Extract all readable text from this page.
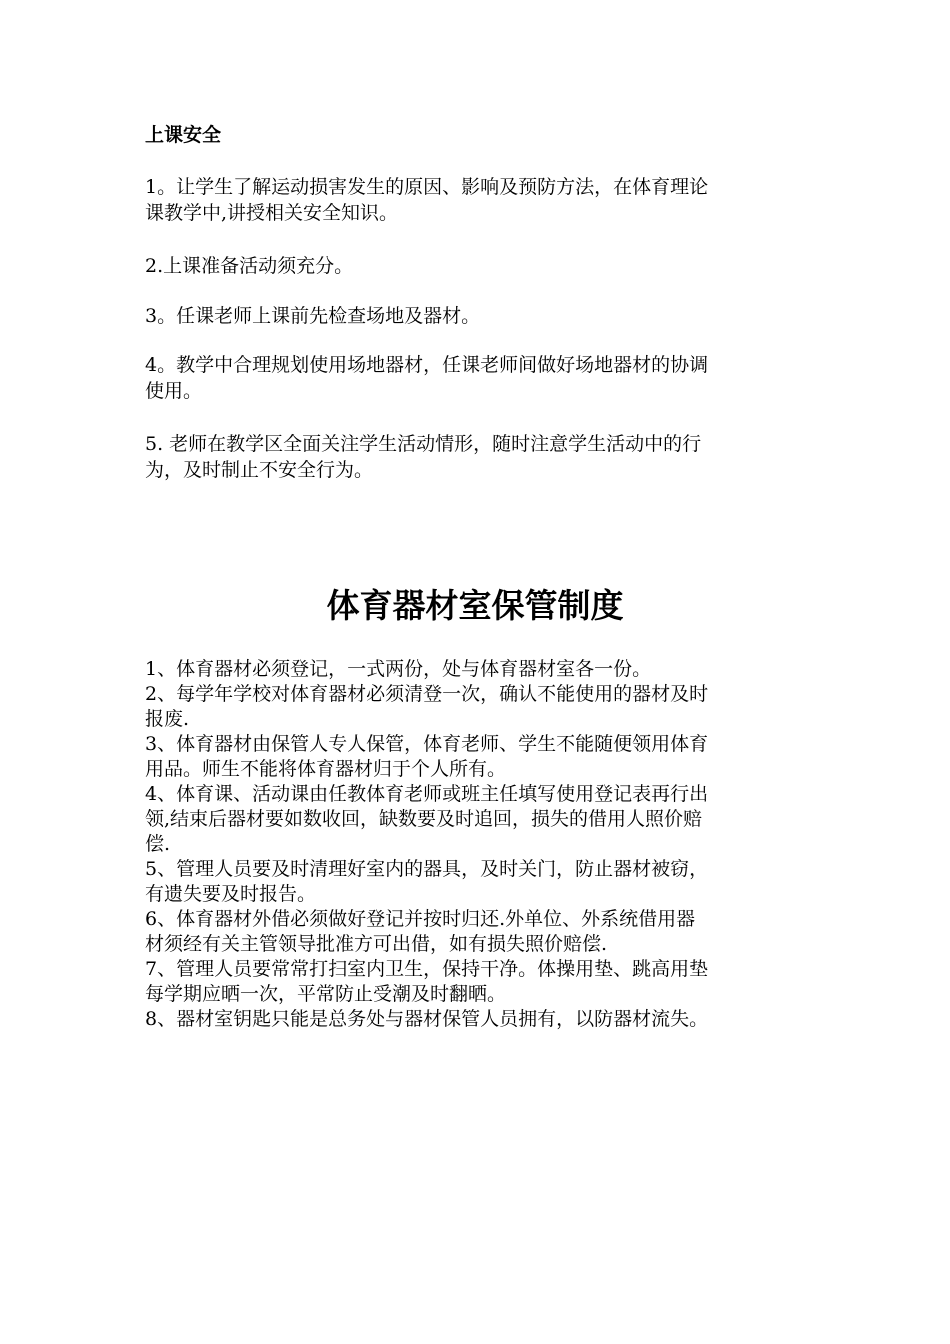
上课安全
1。让学生了解运动损害发生的原因、影响及预防方法，在体育理论
课教学中,讲授相关安全知识。
2.上课准备活动须充分。
3。任课老师上课前先检查场地及器材。
4。教学中合理规划使用场地器材，任课老师间做好场地器材的协调
使用。
5. 老师在教学区全面关注学生活动情形，随时注意学生活动中的行
为，及时制止不安全行为。
体育器材室保管制度
1、体育器材必须登记，一式两份，处与体育器材室各一份。
2、每学年学校对体育器材必须清登一次，确认不能使用的器材及时
报废.
3、体育器材由保管人专人保管，体育老师、学生不能随便领用体育
用品。师生不能将体育器材归于个人所有。
4、体育课、活动课由任教体育老师或班主任填写使用登记表再行出
领,结束后器材要如数收回，缺数要及时追回，损失的借用人照价赔
偿.
5、管理人员要及时清理好室内的器具，及时关门，防止器材被窃，
有遗失要及时报告。
6、体育器材外借必须做好登记并按时归还.外单位、外系统借用器
材须经有关主管领导批准方可出借，如有损失照价赔偿.
7、管理人员要常常打扫室内卫生，保持干净。体操用垫、跳高用垫
每学期应晒一次，平常防止受潮及时翻晒。
8、器材室钥匙只能是总务处与器材保管人员拥有，以防器材流失。
